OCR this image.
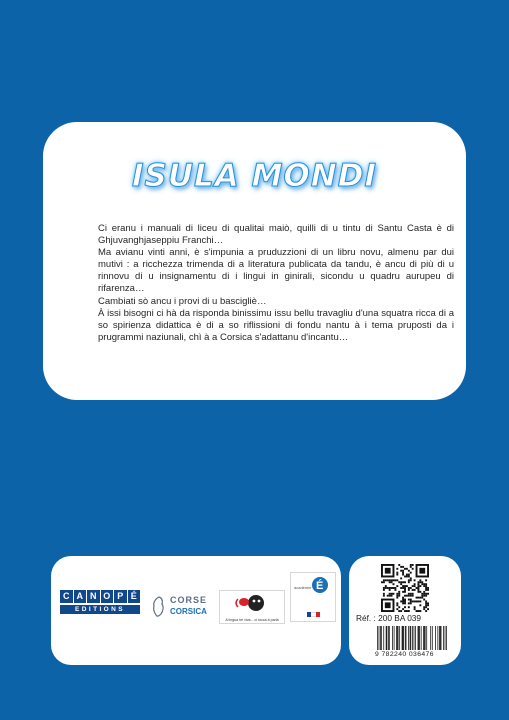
ISULA MONDI

Ci eranu i manuali di liceu di qualitai maiò, quilli di u tintu di Santu Casta è di Ghjuvanghjaseppiu Franchi…

Ma avianu vinti anni, è s'impunia a pruduzzioni di un libru novu, almenu par dui mutivi : a ricchezza trimenda di a literatura publicata da tandu, è ancu di più di u rinnovu di u insignamentu di i lingui in ginirali, sicondu u quadru aurupeu di rifarenza…

Cambiati sò ancu i provi di u bascigliè…

À issi bisogni ci hà da risponda binissimu issu bellu travagliu d'una squatra ricca di a so spirienza didattica è di a so riflissioni di fondu nantu à i tema pruposti da i prugrammi naziunali, chì à a Corsica s'adattanu d'incantu…

C A N O P É
EDITIONS
CORSE
CORSICA
A lingua hè viva... ci tocca à parlà
É
académie
Réf. : 200 BA 039
9 782240 036476
